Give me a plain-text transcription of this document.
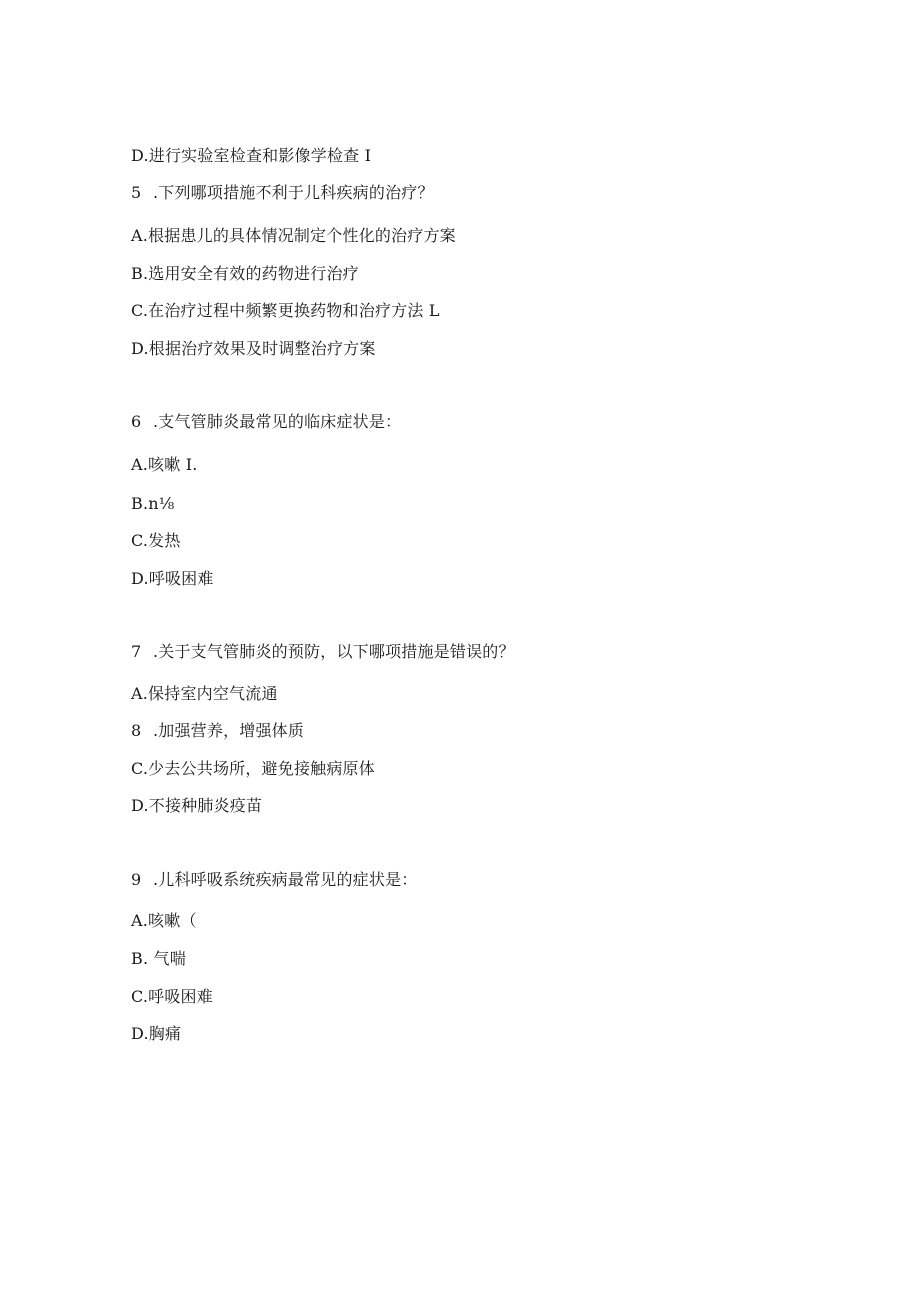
D.进行实验室检查和影像学检查 I
5 .下列哪项措施不利于儿科疾病的治疗？
A.根据患儿的具体情况制定个性化的治疗方案
B.选用安全有效的药物进行治疗
C.在治疗过程中频繁更换药物和治疗方法 L
D.根据治疗效果及时调整治疗方案
6 .支气管肺炎最常见的临床症状是：
A.咳嗽 I.
B.n⅛
C.发热
D.呼吸困难
7 .关于支气管肺炎的预防，以下哪项措施是错误的？
A.保持室内空气流通
8 .加强营养，增强体质
C.少去公共场所，避免接触病原体
D.不接种肺炎疫苗
9 .儿科呼吸系统疾病最常见的症状是：
A.咳嗽（
B. 气喘
C.呼吸困难
D.胸痛
